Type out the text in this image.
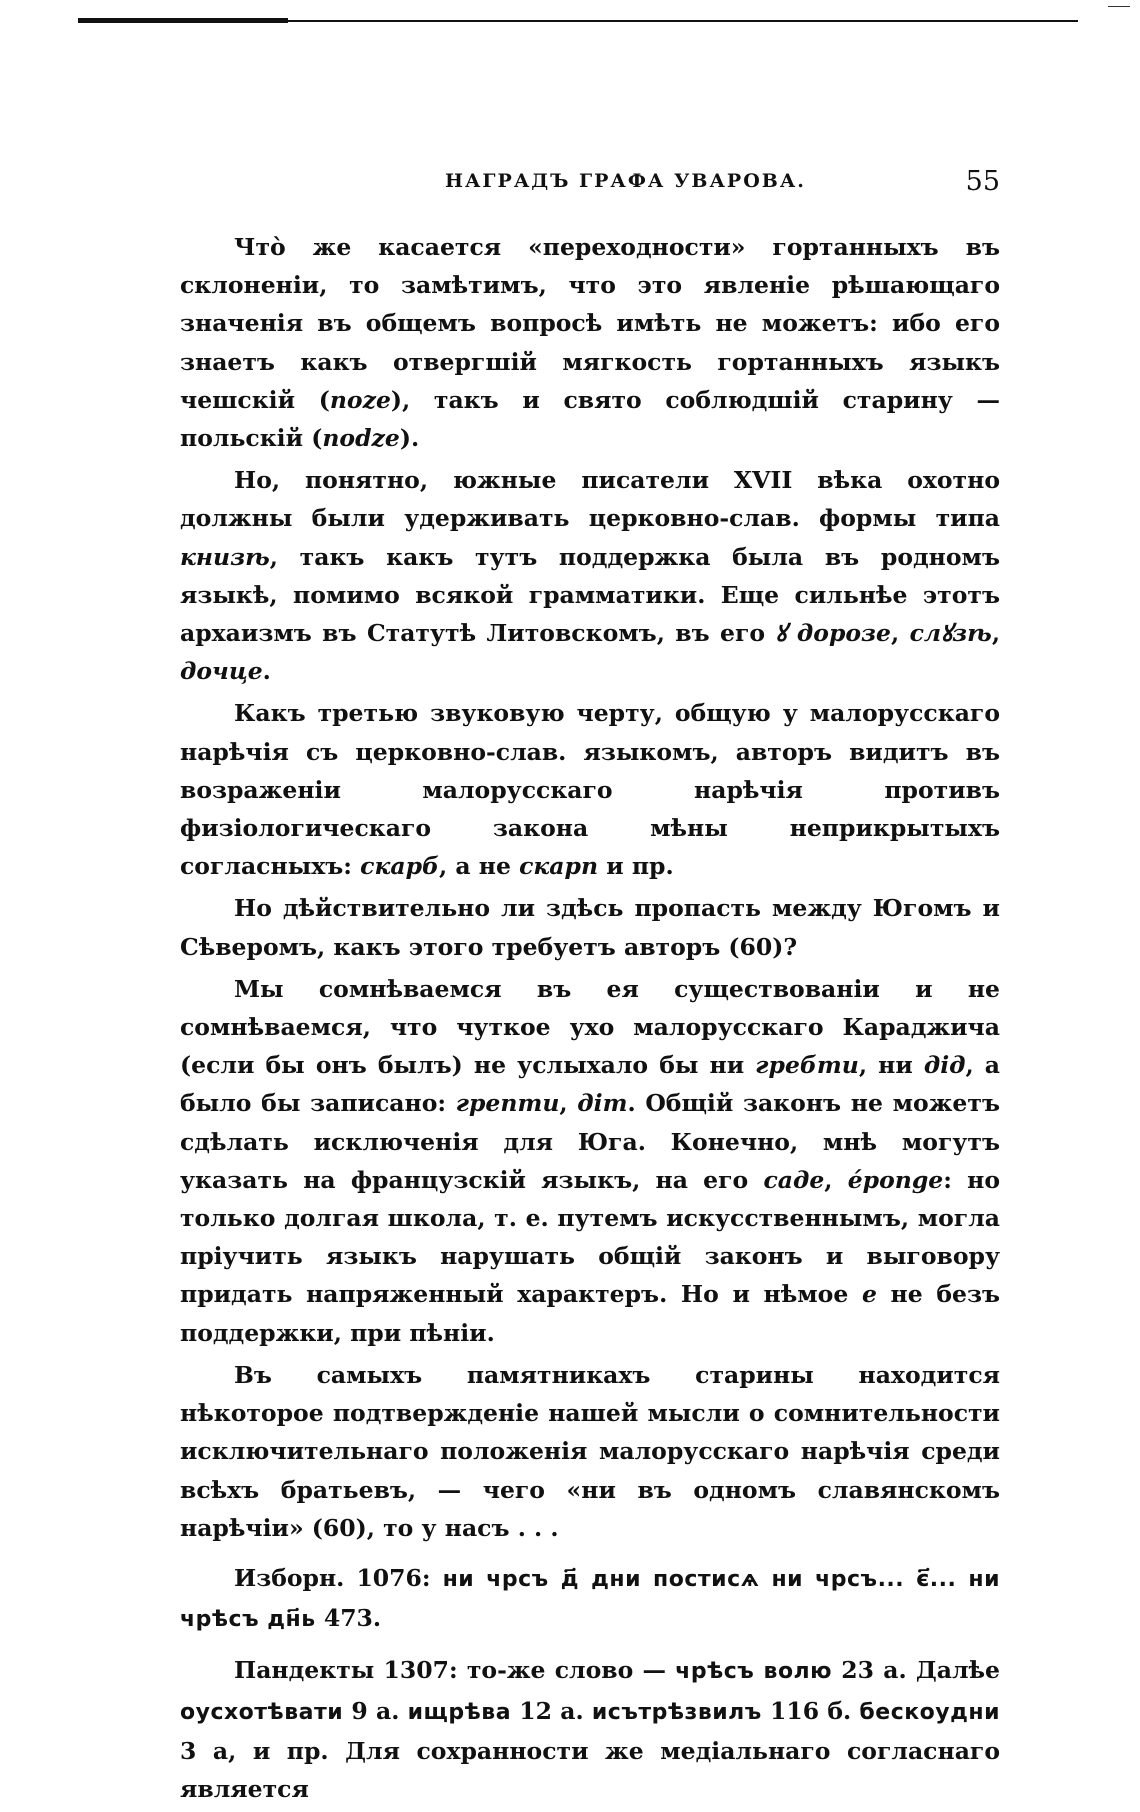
НАГРАДЪ ГРАФА УВАРОВА.	55

Что̀ же касается «переходности» гортанныхъ въ склоненіи, то замѣтимъ, что это явленіе рѣшающаго значенія въ общемъ вопросѣ имѣть не можетъ: ибо его знаетъ какъ отвергшій мягкость гортанныхъ языкъ чешскій (noze), такъ и свято соблюдшій старину — польскій (nodze).

Но, понятно, южные писатели XVII вѣка охотно должны были удерживать церковно-слав. формы типа книзѣ, такъ какъ тутъ поддержка была въ родномъ языкѣ, помимо всякой грамматики. Еще сильнѣе этотъ архаизмъ въ Статутѣ Литовскомъ, въ его ꙋ дорозе, слꙋзѣ, дочце.

Какъ третью звуковую черту, общую у малорусскаго нарѣчія съ церковно-слав. языкомъ, авторъ видитъ въ возраженіи малорусскаго нарѣчія противъ физіологическаго закона мѣны неприкрытыхъ согласныхъ: скарб, а не скарп и пр.

Но дѣйствительно ли здѣсь пропасть между Югомъ и Сѣверомъ, какъ этого требуетъ авторъ (60)?

Мы сомнѣваемся въ ея существованіи и не сомнѣваемся, что чуткое ухо малорусскаго Караджича (если бы онъ былъ) не услыхало бы ни гребти, ни дід, а было бы записано: грепти, діт. Общій законъ не можетъ сдѣлать исключенія для Юга. Конечно, мнѣ могутъ указать на французскій языкъ, на его саде, éponge: но только долгая школа, т. е. путемъ искусственнымъ, могла пріучить языкъ нарушать общій законъ и выговору придать напряженный характеръ. Но и нѣмое е не безъ поддержки, при пѣніи.

Въ самыхъ памятникахъ старины находится нѣкоторое подтвержденіе нашей мысли о сомнительности исключительнаго положенія малорусскаго нарѣчія среди всѣхъ братьевъ, — чего «ни въ одномъ славянскомъ нарѣчіи» (60), то у насъ . . .

Изборн. 1076: ни чрсъ д҃ дни постисѧ ни чрсъ... є҃... ни чрѣсъ дн҃ь 473.

Пандекты 1307: то-же слово — чрѣсъ волю 23 а. Далѣе оусхотѣвати 9 а. ищрѣва 12 а. исътрѣзвилъ 116 б. бескоудни 3 а, и пр. Для сохранности же медіальнаго согласнаго является
